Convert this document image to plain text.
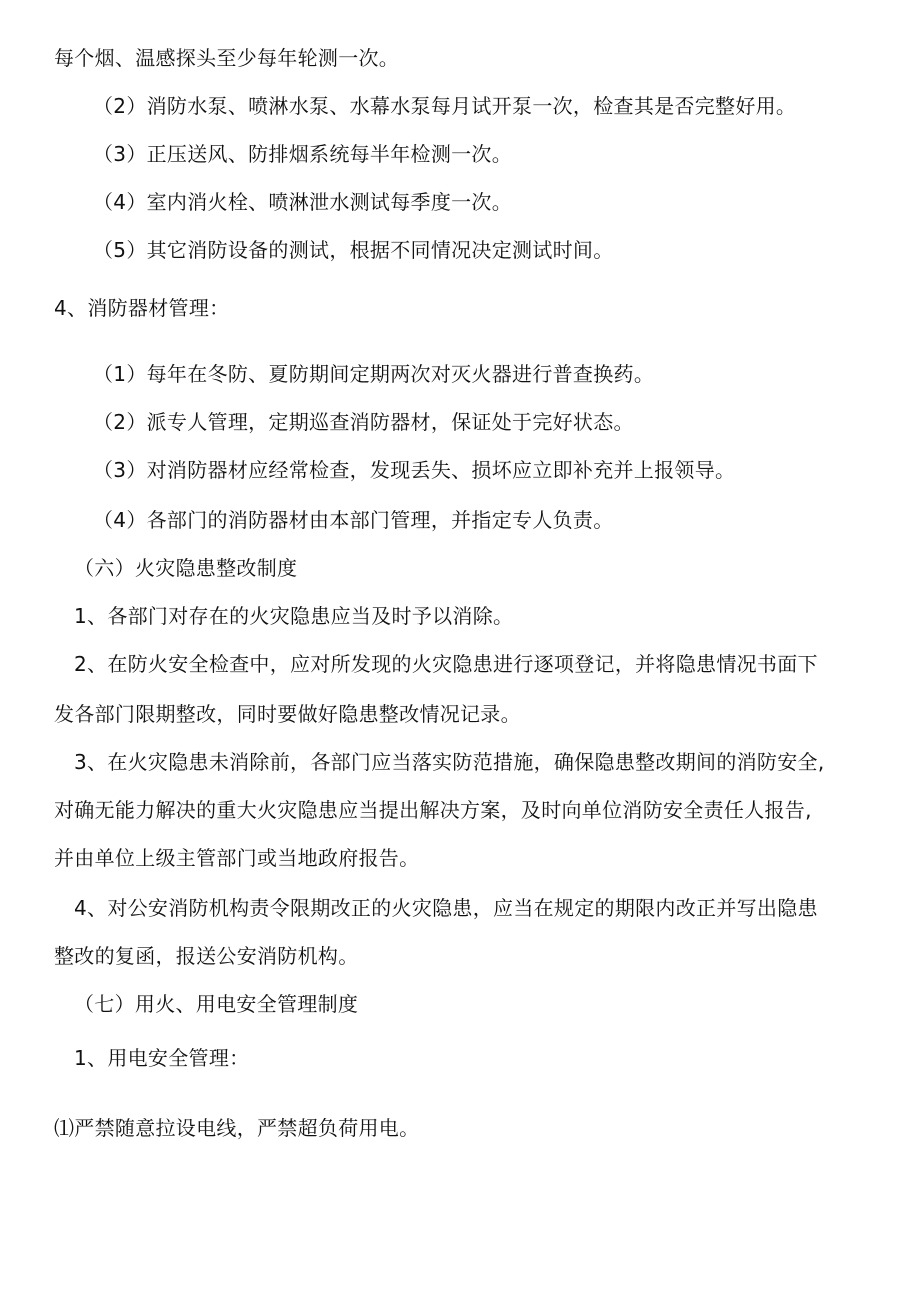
每个烟、温感探头至少每年轮测一次。
（2）消防水泵、喷淋水泵、水幕水泵每月试开泵一次，检查其是否完整好用。
（3）正压送风、防排烟系统每半年检测一次。
（4）室内消火栓、喷淋泄水测试每季度一次。
（5）其它消防设备的测试，根据不同情况决定测试时间。
4、消防器材管理：
（1）每年在冬防、夏防期间定期两次对灭火器进行普查换药。
（2）派专人管理，定期巡查消防器材，保证处于完好状态。
（3）对消防器材应经常检查，发现丢失、损坏应立即补充并上报领导。
（4）各部门的消防器材由本部门管理，并指定专人负责。
（六）火灾隐患整改制度
1、各部门对存在的火灾隐患应当及时予以消除。
2、在防火安全检查中，应对所发现的火灾隐患进行逐项登记，并将隐患情况书面下
发各部门限期整改，同时要做好隐患整改情况记录。
3、在火灾隐患未消除前，各部门应当落实防范措施，确保隐患整改期间的消防安全,
对确无能力解决的重大火灾隐患应当提出解决方案，及时向单位消防安全责任人报告,
并由单位上级主管部门或当地政府报告。
4、对公安消防机构责令限期改正的火灾隐患，应当在规定的期限内改正并写出隐患
整改的复函，报送公安消防机构。
（七）用火、用电安全管理制度
1、用电安全管理：
⑴严禁随意拉设电线，严禁超负荷用电。
